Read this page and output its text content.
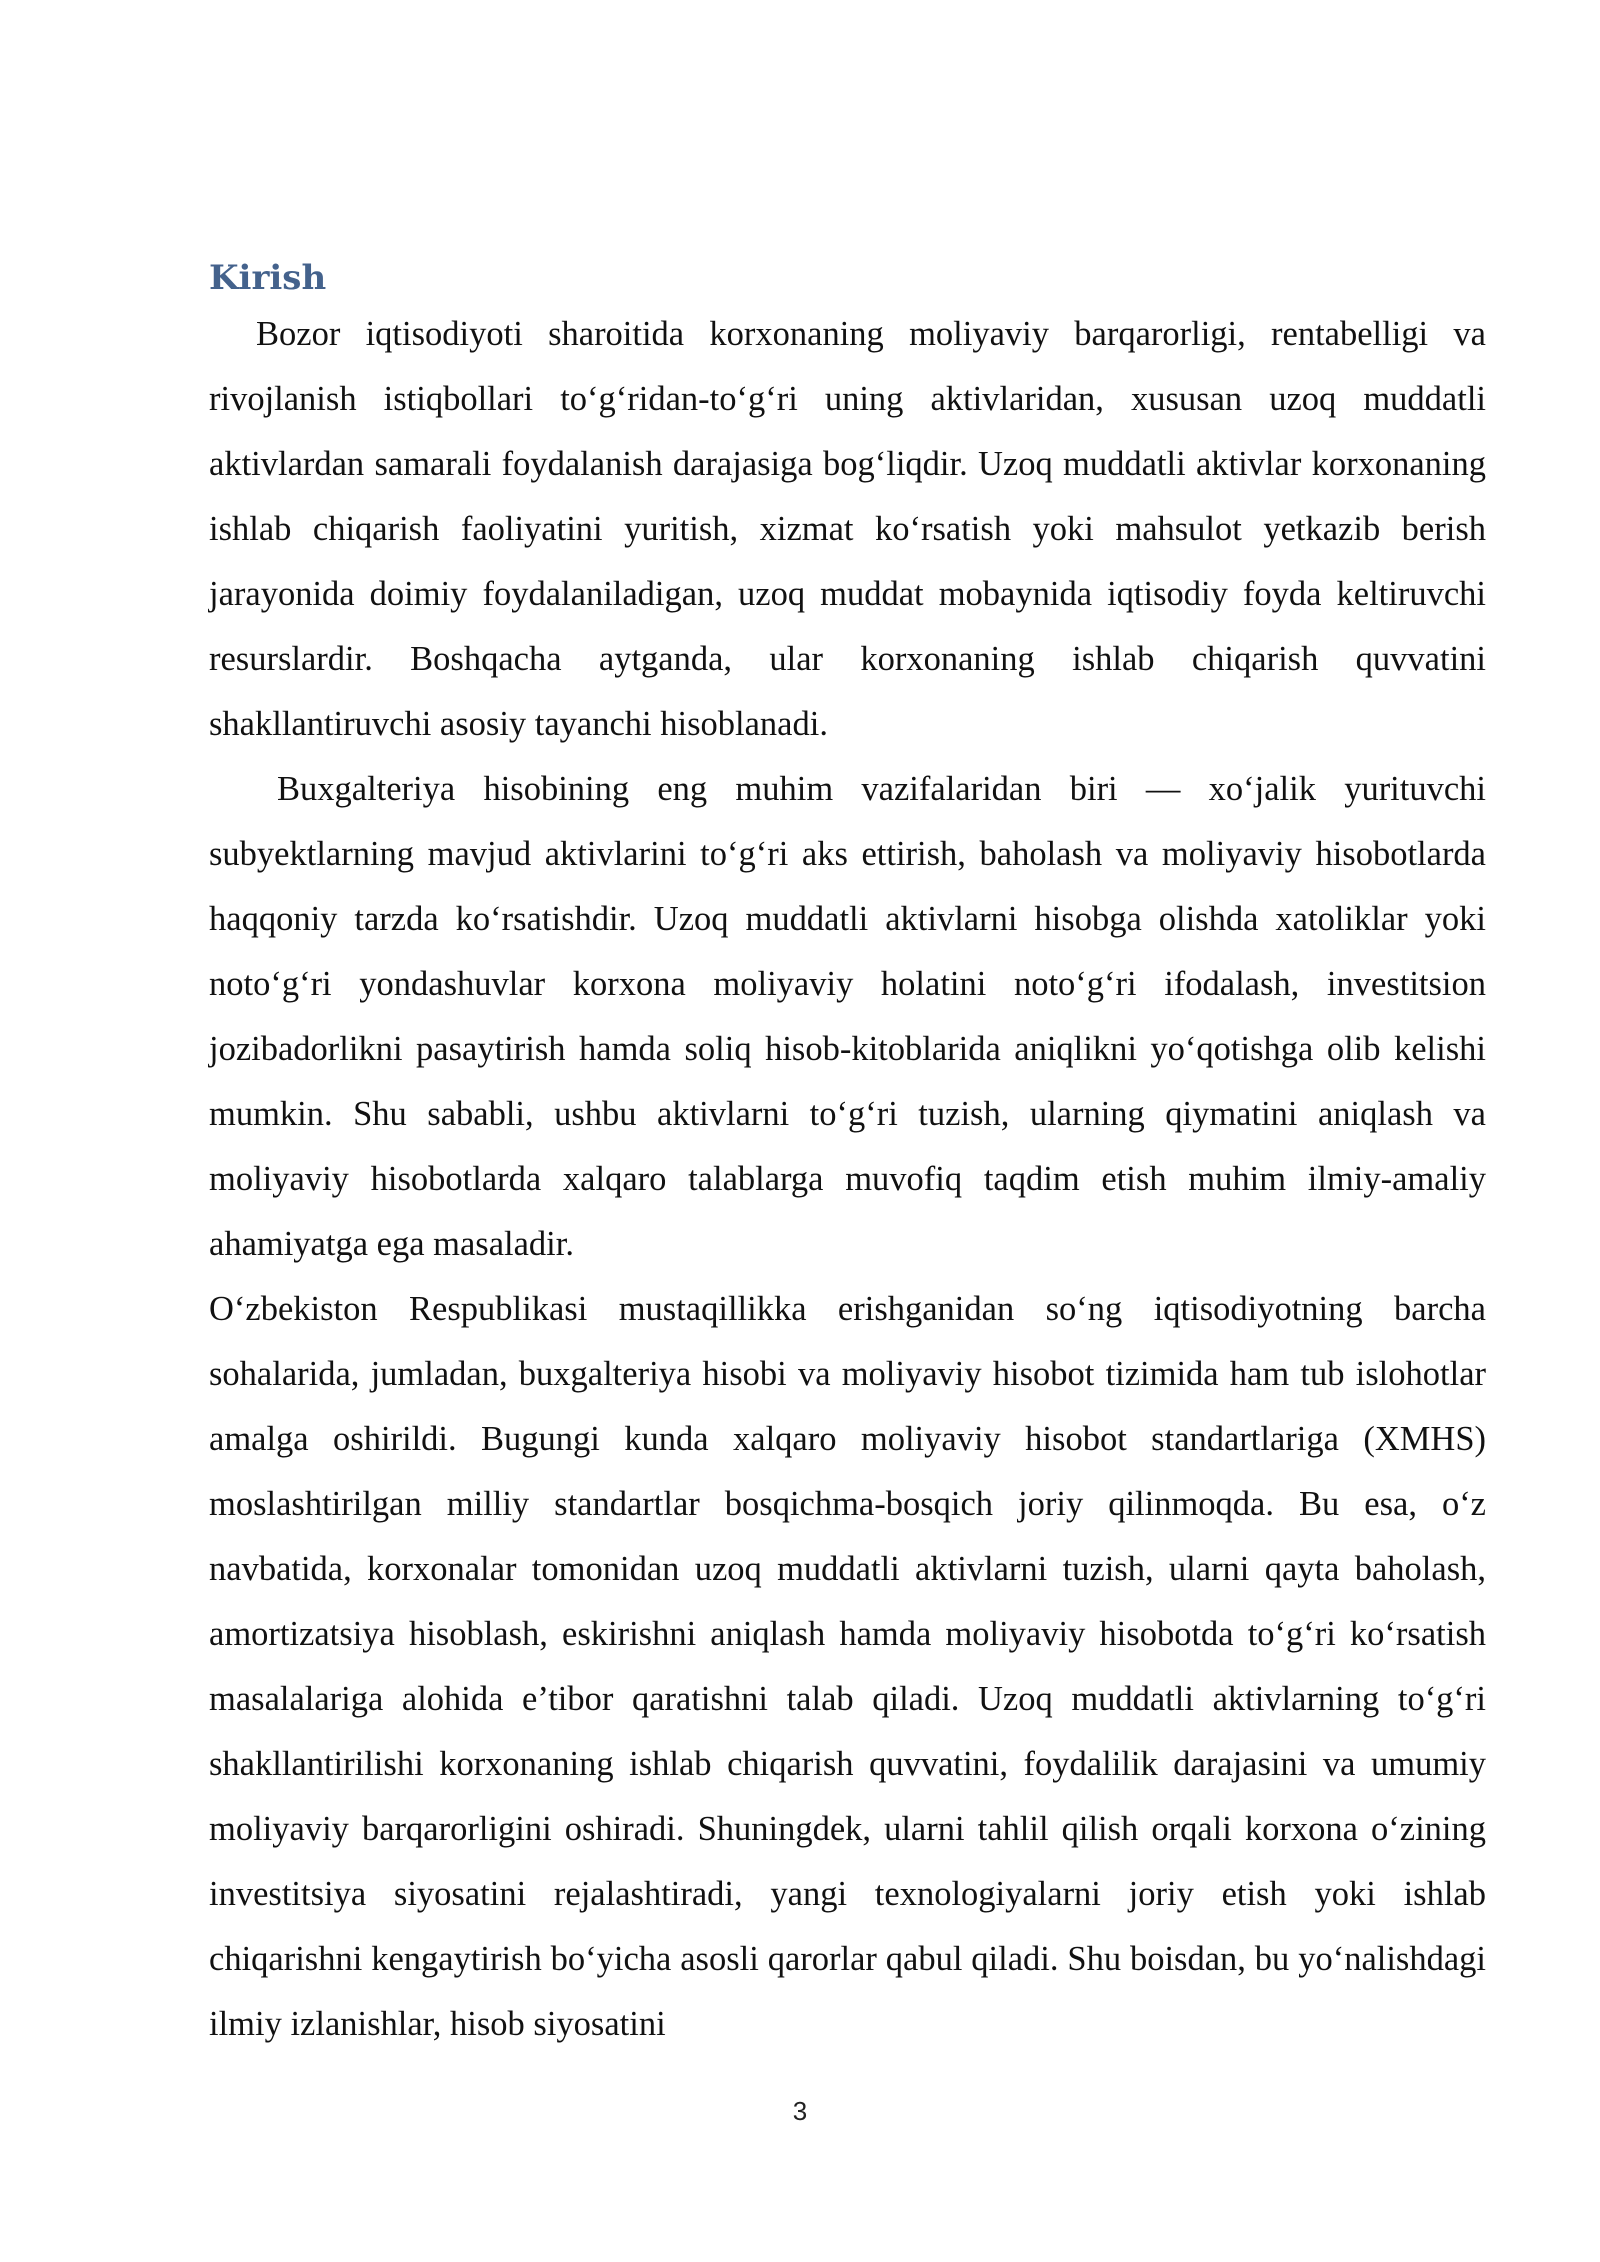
Kirish

Bozor iqtisodiyoti sharoitida korxonaning moliyaviy barqarorligi, rentabelligi va rivojlanish istiqbollari to‘g‘ridan-to‘g‘ri uning aktivlaridan, xususan uzoq muddatli aktivlardan samarali foydalanish darajasiga bog‘liqdir. Uzoq muddatli aktivlar korxonaning ishlab chiqarish faoliyatini yuritish, xizmat ko‘rsatish yoki mahsulot yetkazib berish jarayonida doimiy foydalaniladigan, uzoq muddat mobaynida iqtisodiy foyda keltiruvchi resurslardir. Boshqacha aytganda, ular korxonaning ishlab chiqarish quvvatini shakllantiruvchi asosiy tayanchi hisoblanadi.

Buxgalteriya hisobining eng muhim vazifalaridan biri — xo‘jalik yurituvchi subyektlarning mavjud aktivlarini to‘g‘ri aks ettirish, baholash va moliyaviy hisobotlarda haqqoniy tarzda ko‘rsatishdir. Uzoq muddatli aktivlarni hisobga olishda xatoliklar yoki noto‘g‘ri yondashuvlar korxona moliyaviy holatini noto‘g‘ri ifodalash, investitsion jozibadorlikni pasaytirish hamda soliq hisob-kitoblarida aniqlikni yo‘qotishga olib kelishi mumkin. Shu sababli, ushbu aktivlarni to‘g‘ri tuzish, ularning qiymatini aniqlash va moliyaviy hisobotlarda xalqaro talablarga muvofiq taqdim etish muhim ilmiy-amaliy ahamiyatga ega masaladir.

O‘zbekiston Respublikasi mustaqillikka erishganidan so‘ng iqtisodiyotning barcha sohalarida, jumladan, buxgalteriya hisobi va moliyaviy hisobot tizimida ham tub islohotlar amalga oshirildi. Bugungi kunda xalqaro moliyaviy hisobot standartlariga (XMHS) moslashtirilgan milliy standartlar bosqichma-bosqich joriy qilinmoqda. Bu esa, o‘z navbatida, korxonalar tomonidan uzoq muddatli aktivlarni tuzish, ularni qayta baholash, amortizatsiya hisoblash, eskirishni aniqlash hamda moliyaviy hisobotda to‘g‘ri ko‘rsatish masalalariga alohida e’tibor qaratishni talab qiladi. Uzoq muddatli aktivlarning to‘g‘ri shakllantirilishi korxonaning ishlab chiqarish quvvatini, foydalilik darajasini va umumiy moliyaviy barqarorligini oshiradi. Shuningdek, ularni tahlil qilish orqali korxona o‘zining investitsiya siyosatini rejalashtiradi, yangi texnologiyalarni joriy etish yoki ishlab chiqarishni kengaytirish bo‘yicha asosli qarorlar qabul qiladi. Shu boisdan, bu yo‘nalishdagi ilmiy izlanishlar, hisob siyosatini

3
